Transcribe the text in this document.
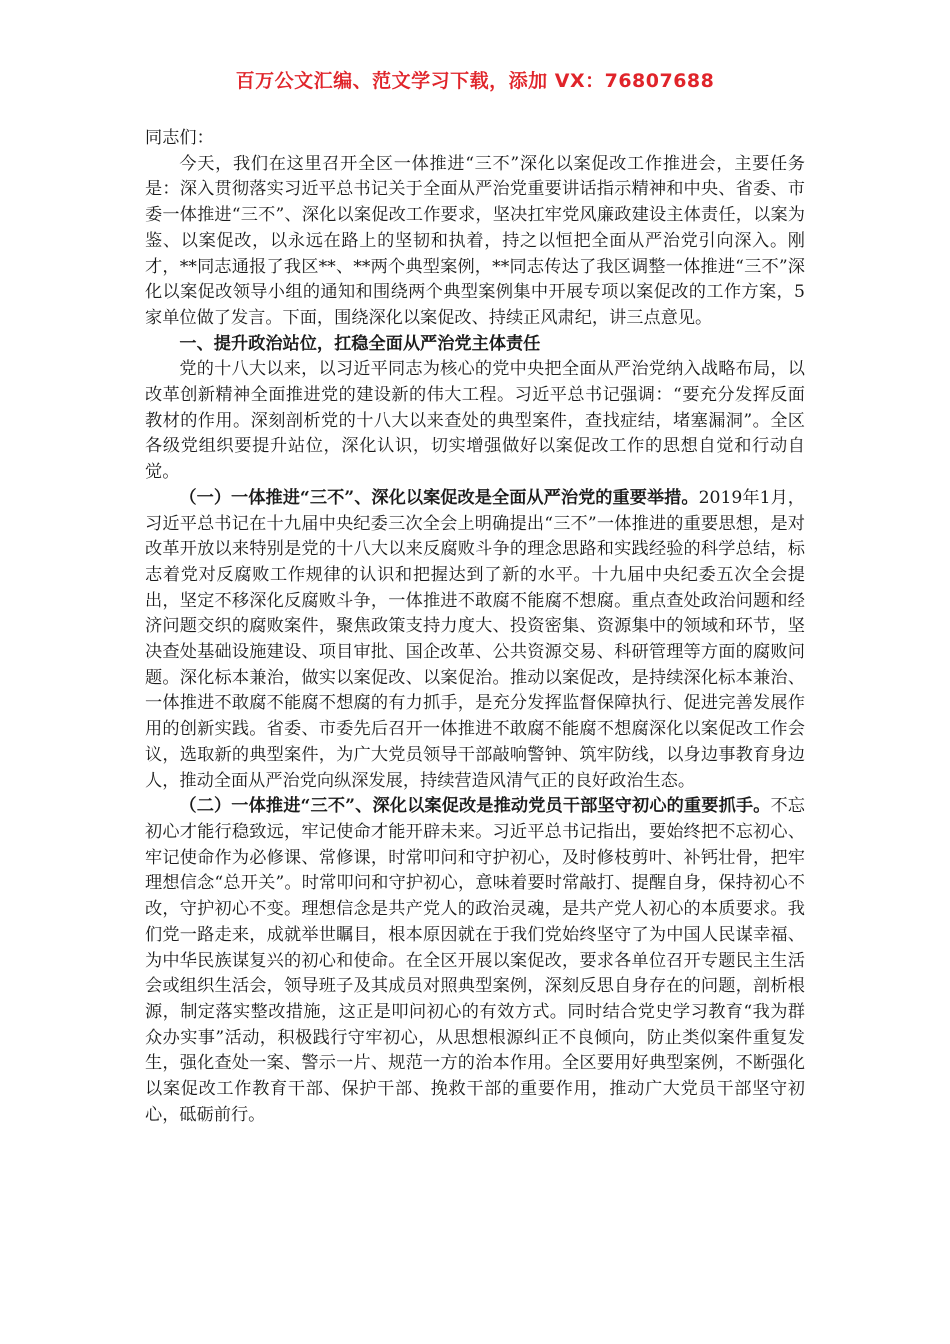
百万公文汇编、范文学习下载，添加 VX：76807688

同志们：

今天，我们在这里召开全区一体推进“三不”深化以案促改工作推进会，主要任务是：深入贯彻落实习近平总书记关于全面从严治党重要讲话指示精神和中央、省委、市委一体推进“三不”、深化以案促改工作要求，坚决扛牢党风廉政建设主体责任，以案为鉴、以案促改，以永远在路上的坚韧和执着，持之以恒把全面从严治党引向深入。刚才，**同志通报了我区**、**两个典型案例，**同志传达了我区调整一体推进“三不”深化以案促改领导小组的通知和围绕两个典型案例集中开展专项以案促改的工作方案，5家单位做了发言。下面，围绕深化以案促改、持续正风肃纪，讲三点意见。

一、提升政治站位，扛稳全面从严治党主体责任

党的十八大以来，以习近平同志为核心的党中央把全面从严治党纳入战略布局，以改革创新精神全面推进党的建设新的伟大工程。习近平总书记强调：“要充分发挥反面教材的作用。深刻剖析党的十八大以来查处的典型案件，查找症结，堵塞漏洞”。全区各级党组织要提升站位，深化认识，切实增强做好以案促改工作的思想自觉和行动自觉。

（一）一体推进“三不”、深化以案促改是全面从严治党的重要举措。2019年1月，习近平总书记在十九届中央纪委三次全会上明确提出“三不”一体推进的重要思想，是对改革开放以来特别是党的十八大以来反腐败斗争的理念思路和实践经验的科学总结，标志着党对反腐败工作规律的认识和把握达到了新的水平。十九届中央纪委五次全会提出，坚定不移深化反腐败斗争，一体推进不敢腐不能腐不想腐。重点查处政治问题和经济问题交织的腐败案件，聚焦政策支持力度大、投资密集、资源集中的领域和环节，坚决查处基础设施建设、项目审批、国企改革、公共资源交易、科研管理等方面的腐败问题。深化标本兼治，做实以案促改、以案促治。推动以案促改，是持续深化标本兼治、一体推进不敢腐不能腐不想腐的有力抓手，是充分发挥监督保障执行、促进完善发展作用的创新实践。省委、市委先后召开一体推进不敢腐不能腐不想腐深化以案促改工作会议，选取新的典型案件，为广大党员领导干部敲响警钟、筑牢防线，以身边事教育身边人，推动全面从严治党向纵深发展，持续营造风清气正的良好政治生态。

（二）一体推进“三不”、深化以案促改是推动党员干部坚守初心的重要抓手。不忘初心才能行稳致远，牢记使命才能开辟未来。习近平总书记指出，要始终把不忘初心、牢记使命作为必修课、常修课，时常叩问和守护初心，及时修枝剪叶、补钙壮骨，把牢理想信念“总开关”。时常叩问和守护初心，意味着要时常敲打、提醒自身，保持初心不改，守护初心不变。理想信念是共产党人的政治灵魂，是共产党人初心的本质要求。我们党一路走来，成就举世瞩目，根本原因就在于我们党始终坚守了为中国人民谋幸福、为中华民族谋复兴的初心和使命。在全区开展以案促改，要求各单位召开专题民主生活会或组织生活会，领导班子及其成员对照典型案例，深刻反思自身存在的问题，剖析根源，制定落实整改措施，这正是叩问初心的有效方式。同时结合党史学习教育“我为群众办实事”活动，积极践行守牢初心，从思想根源纠正不良倾向，防止类似案件重复发生，强化查处一案、警示一片、规范一方的治本作用。全区要用好典型案例，不断强化以案促改工作教育干部、保护干部、挽救干部的重要作用，推动广大党员干部坚守初心，砥砺前行。
